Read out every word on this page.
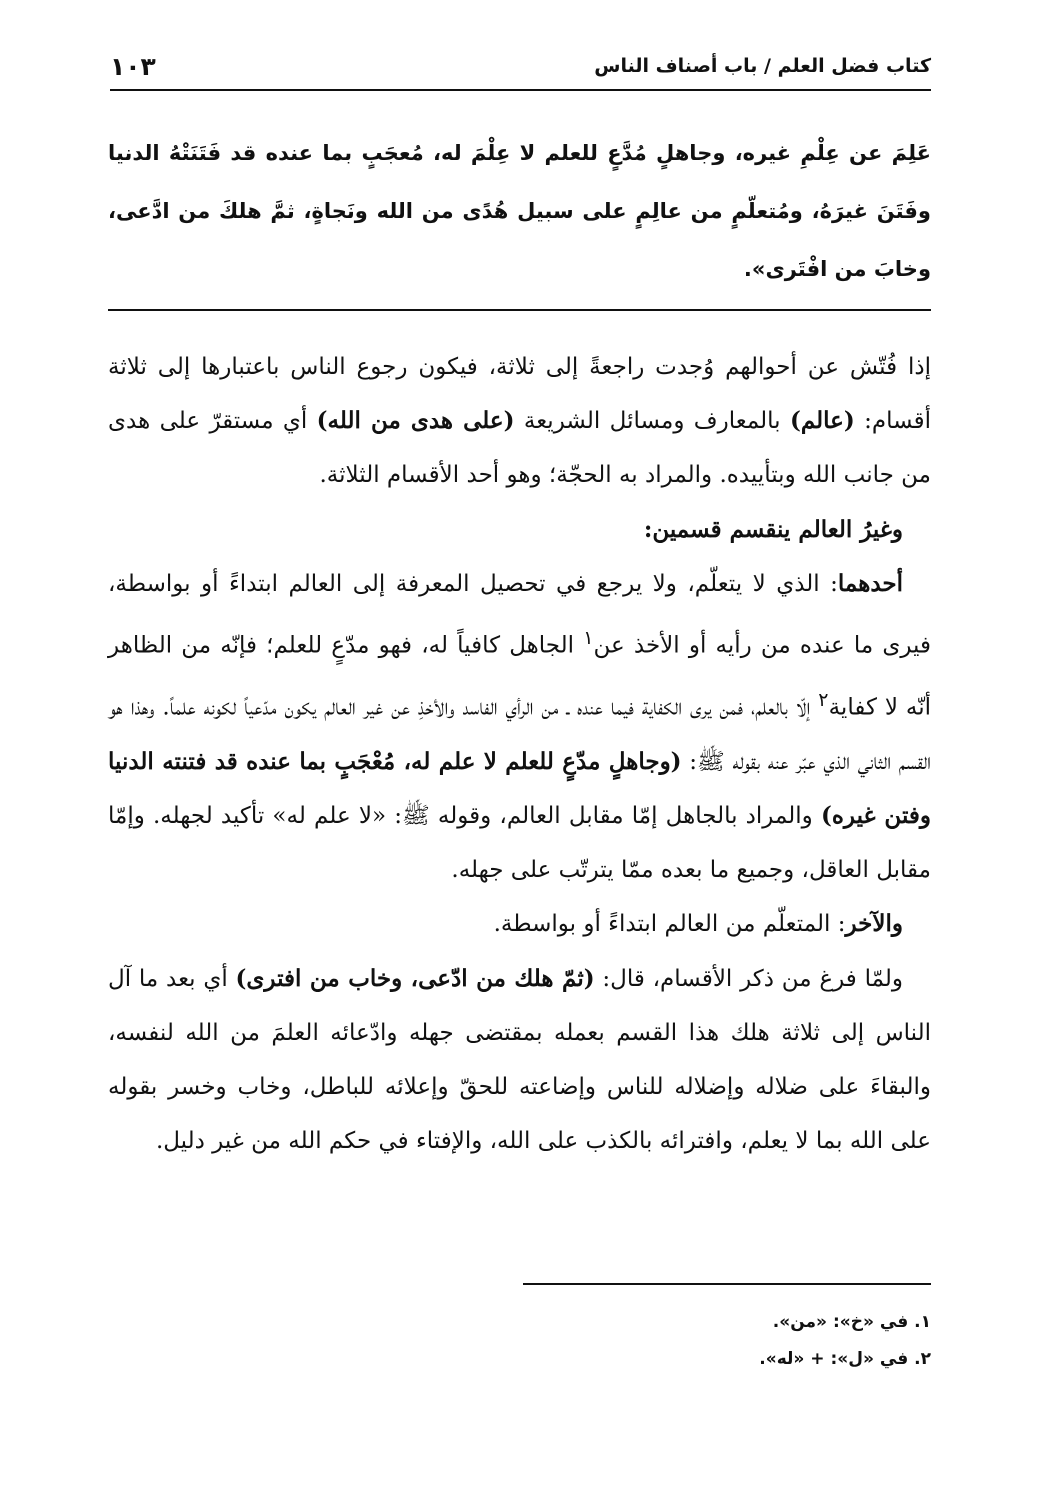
١٠٣	كتاب فضل العلم / باب أصناف الناس
عَلِمَ عن عِلْمِ غيره، وجاهلٍ مُدَّعٍ للعلم لا عِلْمَ له، مُعجَبٍ بما عنده قد فَتَنَتْهُ الدنيا وفَتَنَ غيرَهُ، ومُتعلّمٍ من عالِمٍ على سبيل هُدًى من الله ونَجاةٍ، ثمَّ هلكَ من ادَّعى، وخابَ من افْتَرى».

إذا فُتّش عن أحوالهم وُجدت راجعةً إلى ثلاثة، فيكون رجوع الناس باعتبارها إلى ثلاثة أقسام: (عالم) بالمعارف ومسائل الشريعة (على هدى من الله) أي مستقرّ على هدى من جانب الله وبتأييده. والمراد به الحجّة؛ وهو أحد الأقسام الثلاثة.

وغيرُ العالم ينقسم قسمين:

أحدهما: الذي لا يتعلّم، ولا يرجع في تحصيل المعرفة إلى العالم ابتداءً أو بواسطة، فيرى ما عنده من رأيه أو الأخذ عن$^١$ الجاهل كافياً له، فهو مدّعٍ للعلم؛ فإنّه من الظاهر أنّه لا كفاية$^٢$ إلّا بالعلم، فمن يرى الكفاية فيما عنده ـ من الرأي الفاسد والأخذِ عن غير العالم يكون مدّعياً لكونه علماً. وهذا هو القسم الثاني الذي عبّر عنه بقوله ﷺ: (وجاهلٍ مدّعٍ للعلم لا علم له، مُعْجَبٍ بما عنده قد فتنته الدنيا وفتن غيره) والمراد بالجاهل إمّا مقابل العالم، وقوله ﷺ: «لا علم له» تأكيد لجهله. وإمّا مقابل العاقل، وجميع ما بعده ممّا يترتّب على جهله.

والآخر: المتعلّم من العالم ابتداءً أو بواسطة.

ولمّا فرغ من ذكر الأقسام، قال: (ثمّ هلك من ادّعى، وخاب من افترى) أي بعد ما آل الناس إلى ثلاثة هلك هذا القسم بعمله بمقتضى جهله وادّعائه العلمَ من الله لنفسه، والبقاءَ على ضلاله وإضلاله للناس وإضاعته للحقّ وإعلائه للباطل، وخاب وخسر بقوله على الله بما لا يعلم، وافترائه بالكذب على الله، والإفتاء في حكم الله من غير دليل.

١. في «خ»: «من».
٢. في «ل»: + «له».
